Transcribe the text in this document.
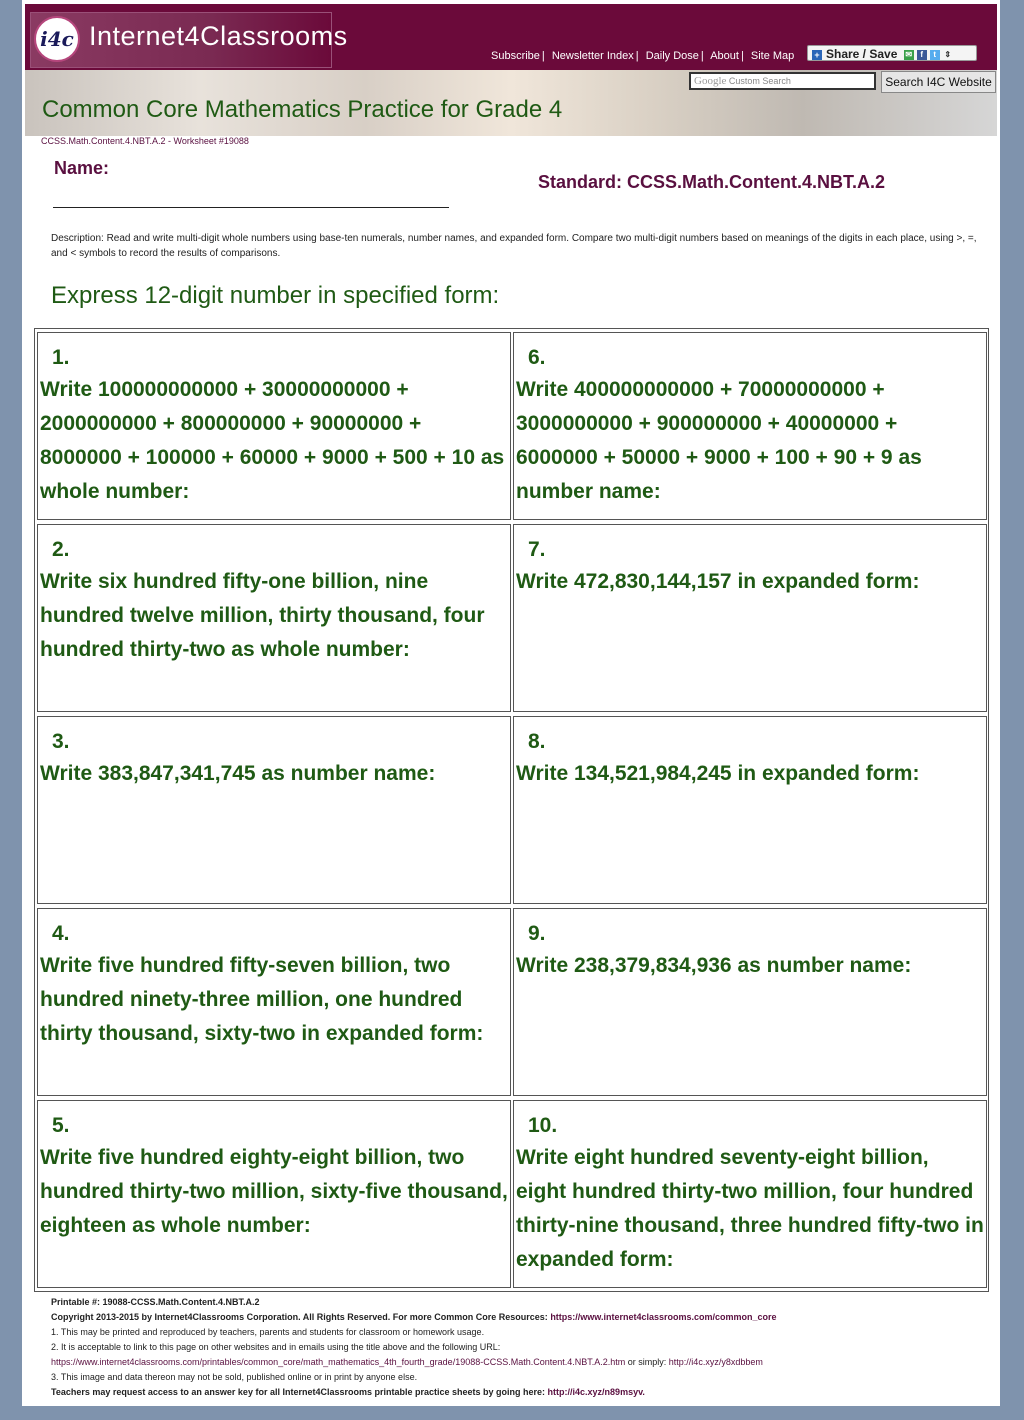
i4c Internet4Classrooms
Subscribe | Newsletter Index | Daily Dose | About | Site Map	+ Share / Save ✉ f t ⇕
Common Core Mathematics Practice for Grade 4
Google Custom Search	Search I4C Website
CCSS.Math.Content.4.NBT.A.2 - Worksheet #19088
Name:
Standard: CCSS.Math.Content.4.NBT.A.2
Description: Read and write multi-digit whole numbers using base-ten numerals, number names, and expanded form. Compare two multi-digit numbers based on meanings of the digits in each place, using >, =, and < symbols to record the results of comparisons.
Express 12-digit number in specified form:
1.
Write 100000000000 + 30000000000 + 2000000000 + 800000000 + 90000000 + 8000000 + 100000 + 60000 + 9000 + 500 + 10 as whole number:
2.
Write six hundred fifty-one billion, nine hundred twelve million, thirty thousand, four hundred thirty-two as whole number:
3.
Write 383,847,341,745 as number name:
4.
Write five hundred fifty-seven billion, two hundred ninety-three million, one hundred thirty thousand, sixty-two in expanded form:
5.
Write five hundred eighty-eight billion, two hundred thirty-two million, sixty-five thousand, eighteen as whole number:
6.
Write 400000000000 + 70000000000 + 3000000000 + 900000000 + 40000000 + 6000000 + 50000 + 9000 + 100 + 90 + 9 as number name:
7.
Write 472,830,144,157 in expanded form:
8.
Write 134,521,984,245 in expanded form:
9.
Write 238,379,834,936 as number name:
10.
Write eight hundred seventy-eight billion, eight hundred thirty-two million, four hundred thirty-nine thousand, three hundred fifty-two in expanded form:
Printable #: 19088-CCSS.Math.Content.4.NBT.A.2
Copyright 2013-2015 by Internet4Classrooms Corporation. All Rights Reserved. For more Common Core Resources: https://www.internet4classrooms.com/common_core
1. This may be printed and reproduced by teachers, parents and students for classroom or homework usage.
2. It is acceptable to link to this page on other websites and in emails using the title above and the following URL:
https://www.internet4classrooms.com/printables/common_core/math_mathematics_4th_fourth_grade/19088-CCSS.Math.Content.4.NBT.A.2.htm or simply: http://i4c.xyz/y8xdbbem
3. This image and data thereon may not be sold, published online or in print by anyone else.
Teachers may request access to an answer key for all Internet4Classrooms printable practice sheets by going here: http://i4c.xyz/n89msyv.
